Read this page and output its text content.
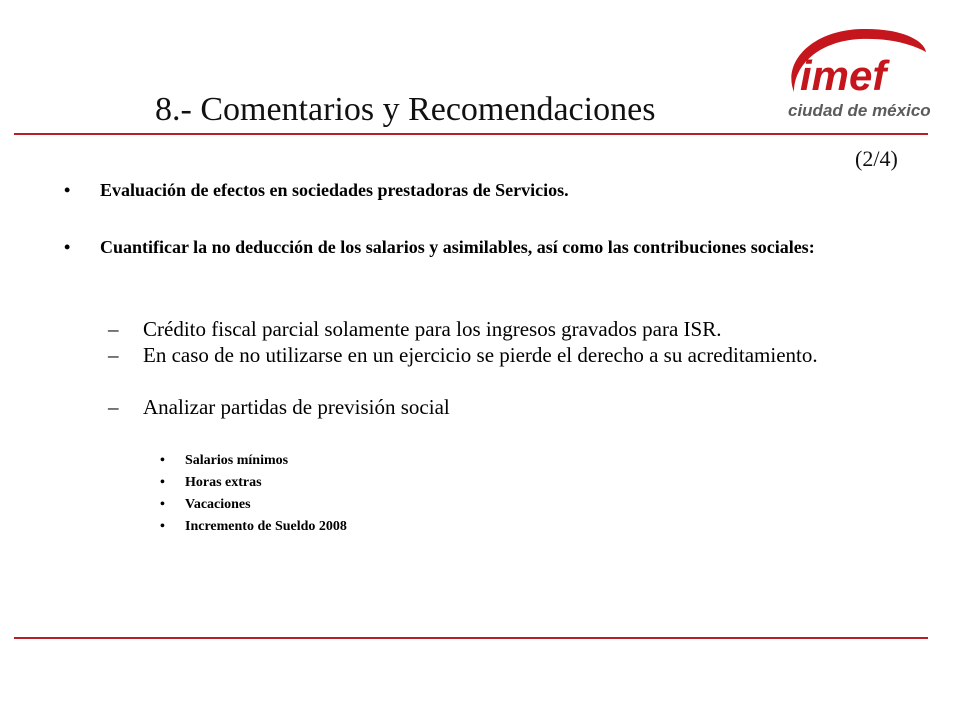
imef
ciudad de méxico
8.- Comentarios y Recomendaciones
(2/4)
• Evaluación de efectos en sociedades prestadoras de Servicios.
• Cuantificar la no deducción de los salarios y asimilables, así como las contribuciones sociales:
– Crédito fiscal parcial solamente para los ingresos gravados para ISR.
– En caso de no utilizarse en un ejercicio se pierde el derecho a su acreditamiento.
– Analizar partidas de previsión social
• Salarios mínimos
• Horas extras
• Vacaciones
• Incremento de Sueldo 2008
